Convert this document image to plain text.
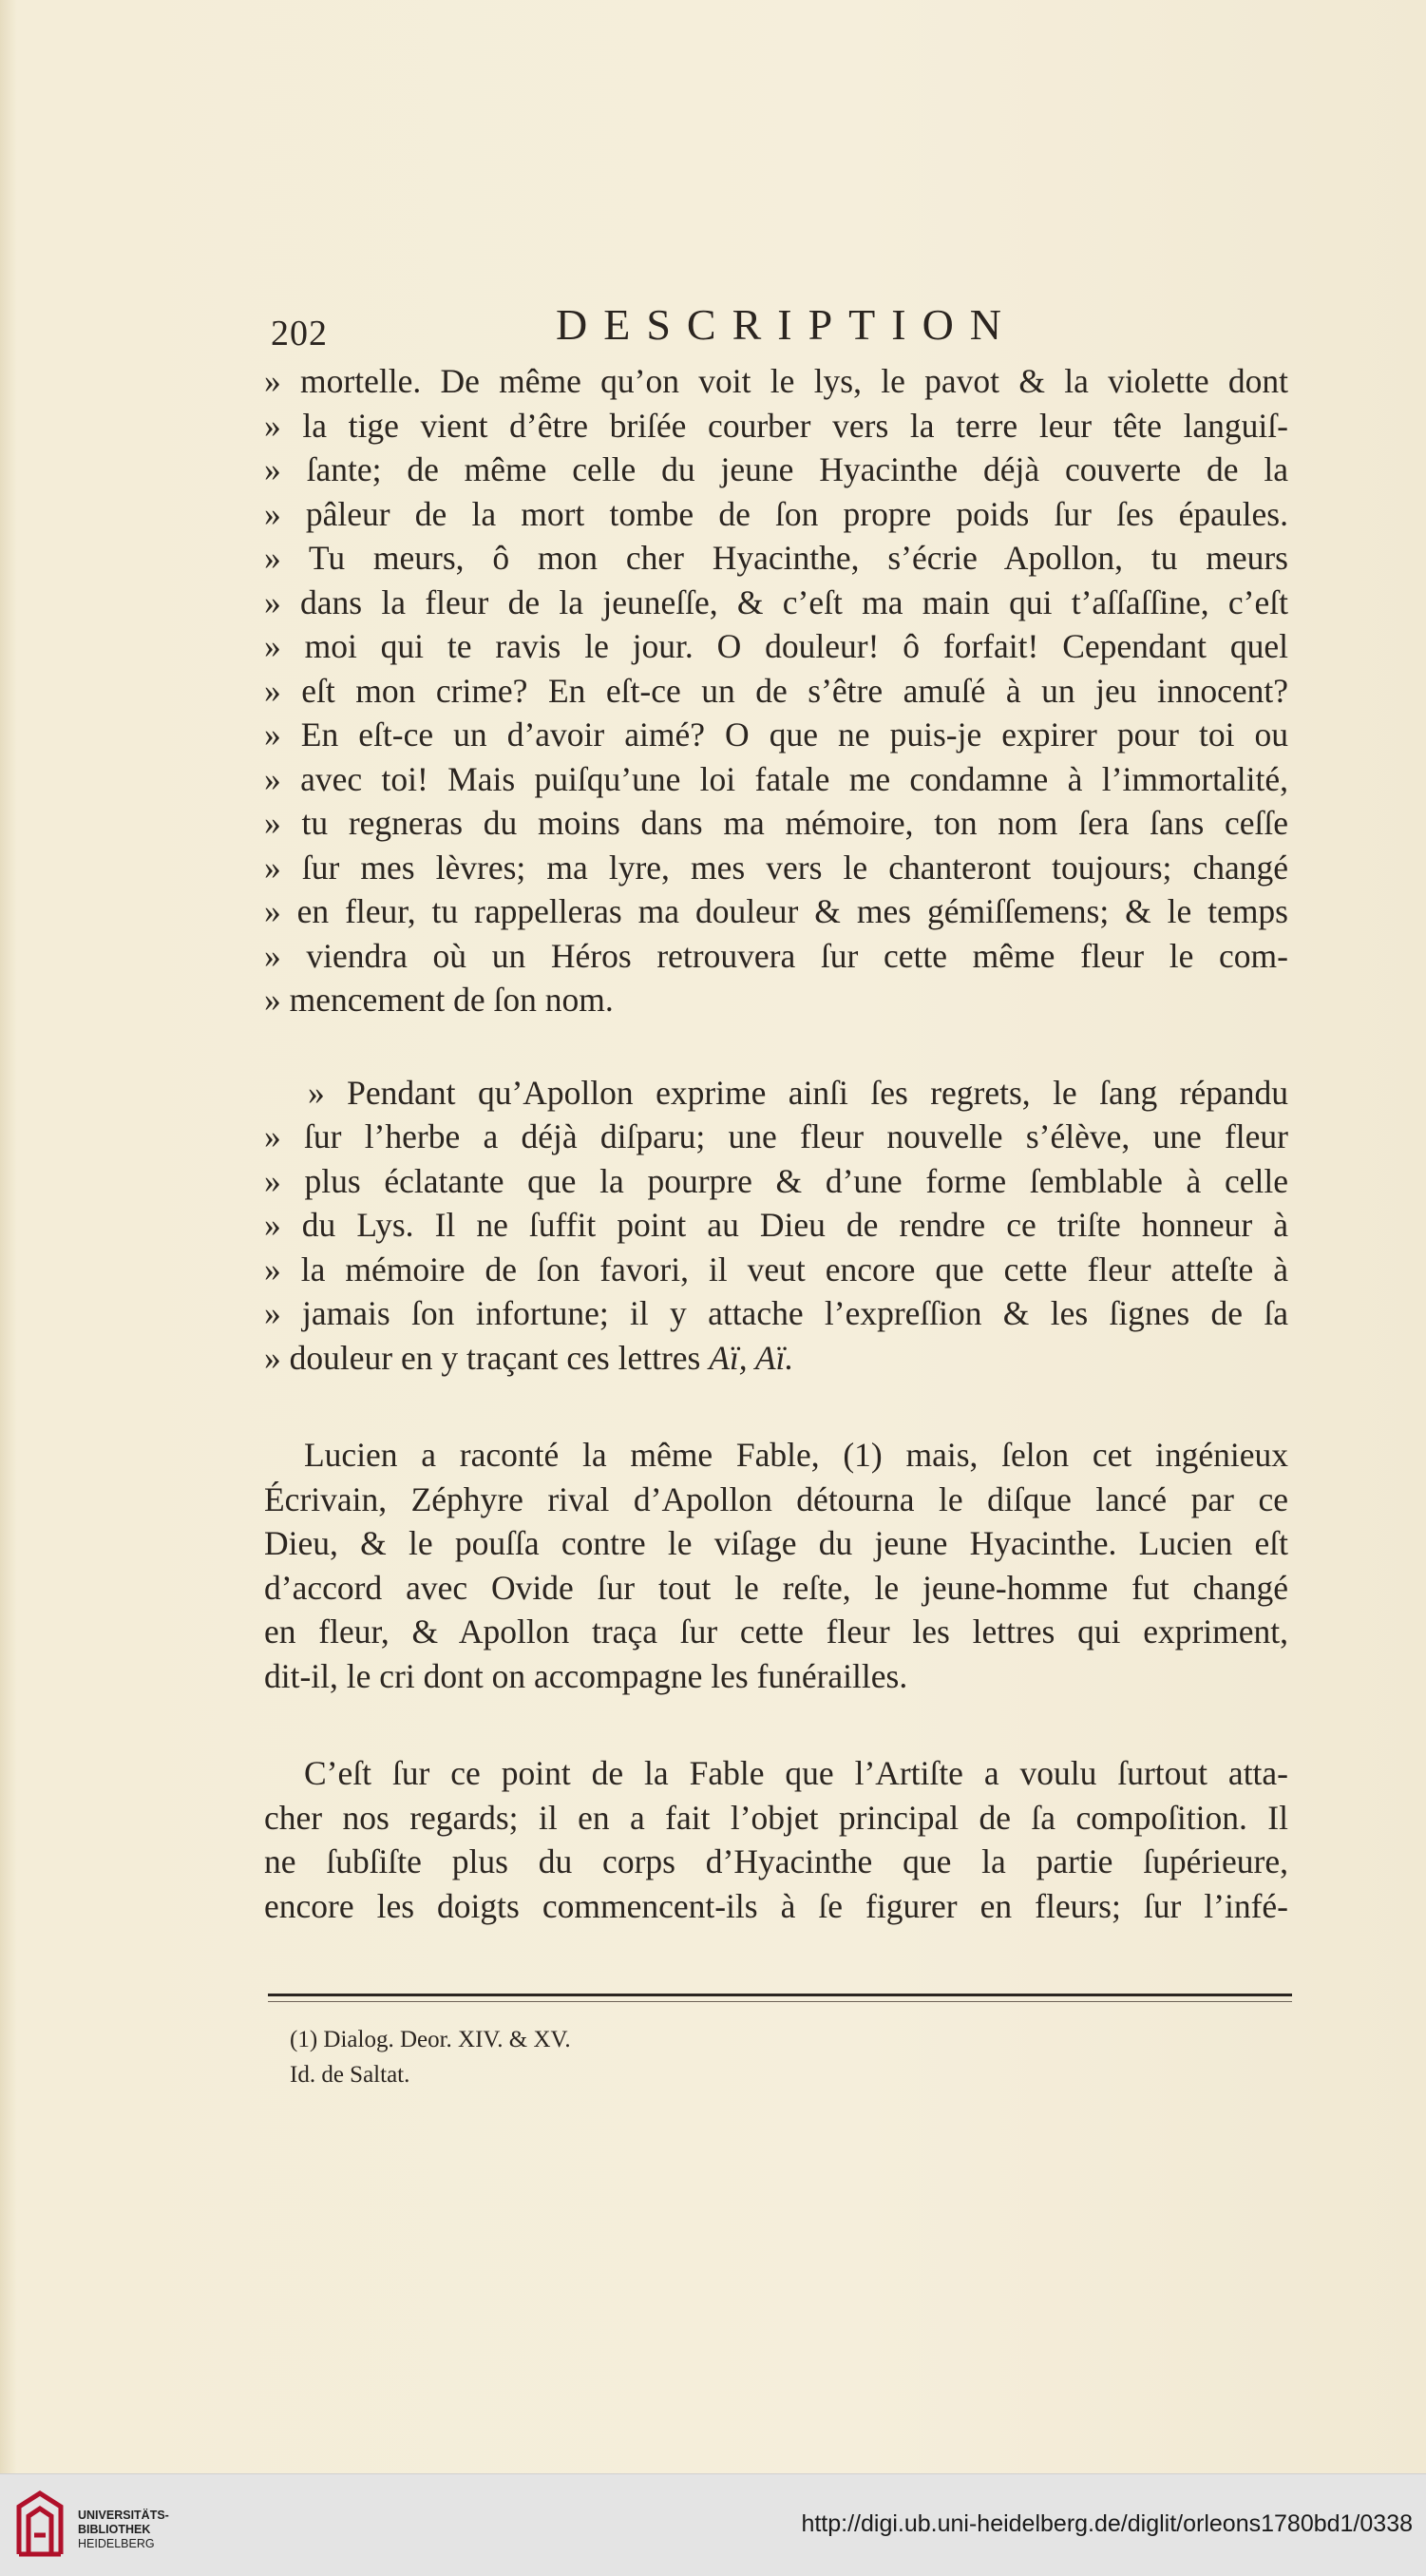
202	DESCRIPTION
» mortelle. De même qu’on voit le lys, le pavot & la violette dont
» la tige vient d’être briſée courber vers la terre leur tête languiſ-
» ſante; de même celle du jeune Hyacinthe déjà couverte de la
» pâleur de la mort tombe de ſon propre poids ſur ſes épaules.
» Tu meurs, ô mon cher Hyacinthe, s’écrie Apollon, tu meurs
» dans la fleur de la jeuneſſe, & c’eſt ma main qui t’aſſaſſine, c’eſt
» moi qui te ravis le jour. O douleur! ô forfait! Cependant quel
» eſt mon crime? En eſt-ce un de s’être amuſé à un jeu innocent?
» En eſt-ce un d’avoir aimé? O que ne puis-je expirer pour toi ou
» avec toi! Mais puiſqu’une loi fatale me condamne à l’immortalité,
» tu regneras du moins dans ma mémoire, ton nom ſera ſans ceſſe
» ſur mes lèvres; ma lyre, mes vers le chanteront toujours; changé
» en fleur, tu rappelleras ma douleur & mes gémiſſemens; & le temps
» viendra où un Héros retrouvera ſur cette même fleur le com-
» mencement de ſon nom.
» Pendant qu’Apollon exprime ainſi ſes regrets, le ſang répandu
» ſur l’herbe a déjà diſparu; une fleur nouvelle s’élève, une fleur
» plus éclatante que la pourpre & d’une forme ſemblable à celle
» du Lys. Il ne ſuffit point au Dieu de rendre ce triſte honneur à
» la mémoire de ſon favori, il veut encore que cette fleur atteſte à
» jamais ſon infortune; il y attache l’expreſſion & les ſignes de ſa
» douleur en y traçant ces lettres Aï, Aï.
Lucien a raconté la même Fable, (1) mais, ſelon cet ingénieux
Écrivain, Zéphyre rival d’Apollon détourna le diſque lancé par ce
Dieu, & le pouſſa contre le viſage du jeune Hyacinthe. Lucien eſt
d’accord avec Ovide ſur tout le reſte, le jeune-homme fut changé
en fleur, & Apollon traça ſur cette fleur les lettres qui expriment,
dit-il, le cri dont on accompagne les funérailles.
C’eſt ſur ce point de la Fable que l’Artiſte a voulu ſurtout atta-
cher nos regards; il en a fait l’objet principal de ſa compoſition. Il
ne ſubſiſte plus du corps d’Hyacinthe que la partie ſupérieure,
encore les doigts commencent-ils à ſe figurer en fleurs; ſur l’infé-
(1) Dialog. Deor. XIV. & XV.
Id. de Saltat.
UNIVERSITÄTS-
BIBLIOTHEK
HEIDELBERG
http://digi.ub.uni-heidelberg.de/diglit/orleons1780bd1/0338
